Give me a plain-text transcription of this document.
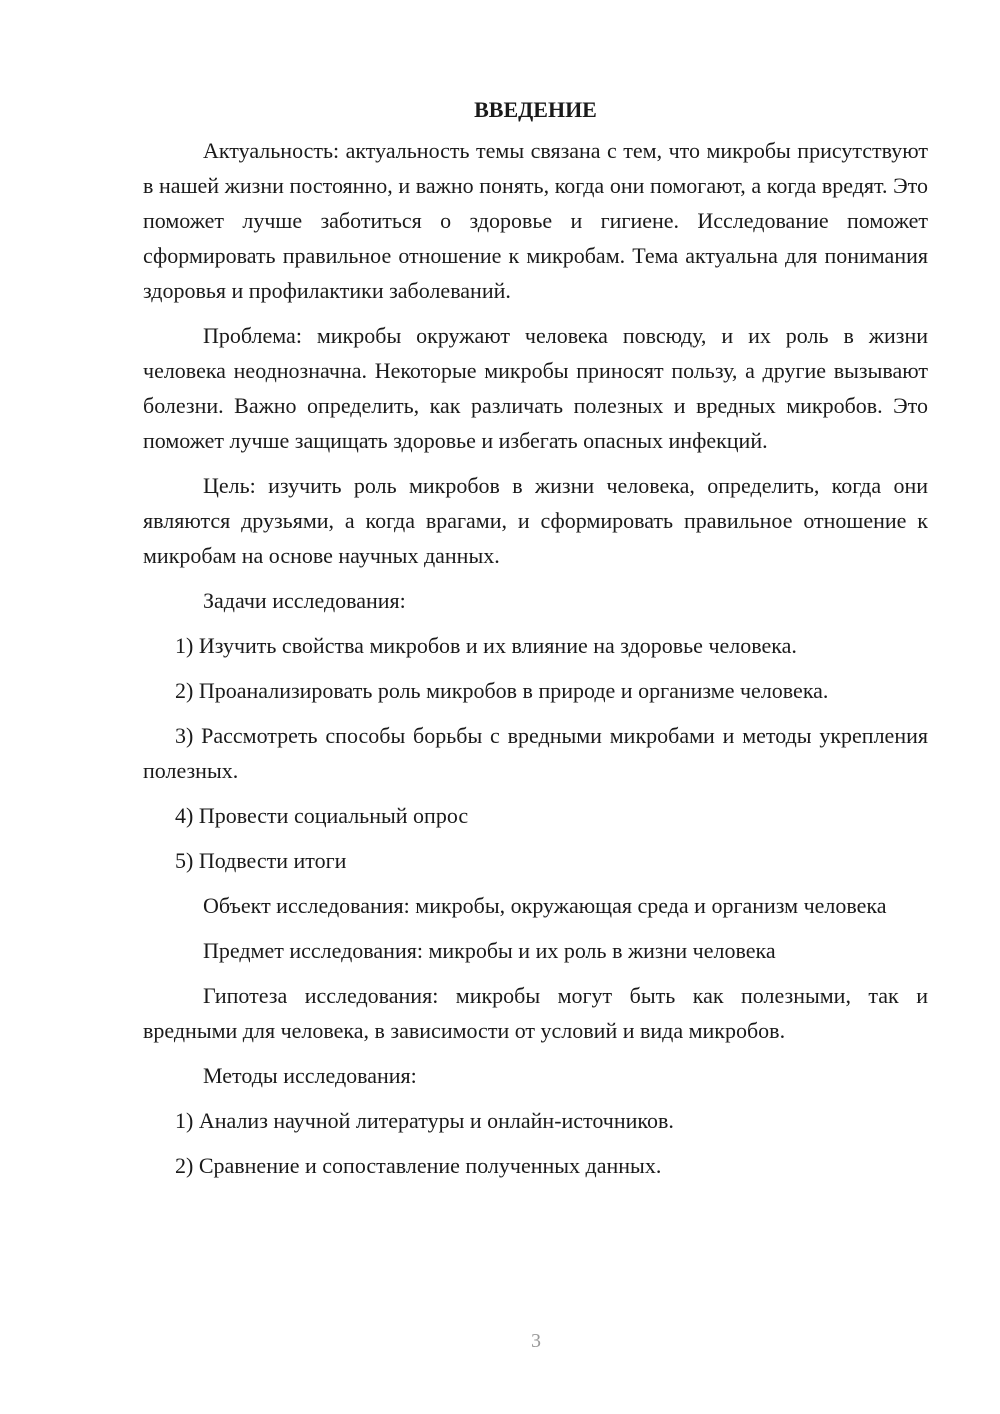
ВВЕДЕНИЕ

Актуальность: актуальность темы связана с тем, что микробы присутствуют в нашей жизни постоянно, и важно понять, когда они помогают, а когда вредят. Это поможет лучше заботиться о здоровье и гигиене. Исследование поможет сформировать правильное отношение к микробам. Тема актуальна для понимания здоровья и профилактики заболеваний.

Проблема: микробы окружают человека повсюду, и их роль в жизни человека неоднозначна. Некоторые микробы приносят пользу, а другие вызывают болезни. Важно определить, как различать полезных и вредных микробов. Это поможет лучше защищать здоровье и избегать опасных инфекций.

Цель: изучить роль микробов в жизни человека, определить, когда они являются друзьями, а когда врагами, и сформировать правильное отношение к микробам на основе научных данных.

Задачи исследования:

1) Изучить свойства микробов и их влияние на здоровье человека.

2) Проанализировать роль микробов в природе и организме человека.

3) Рассмотреть способы борьбы с вредными микробами и методы укрепления полезных.

4) Провести социальный опрос

5) Подвести итоги

Объект исследования: микробы, окружающая среда и организм человека

Предмет исследования: микробы и их роль в жизни человека

Гипотеза исследования: микробы могут быть как полезными, так и вредными для человека, в зависимости от условий и вида микробов.

Методы исследования:

1) Анализ научной литературы и онлайн-источников.

2) Сравнение и сопоставление полученных данных.

3
